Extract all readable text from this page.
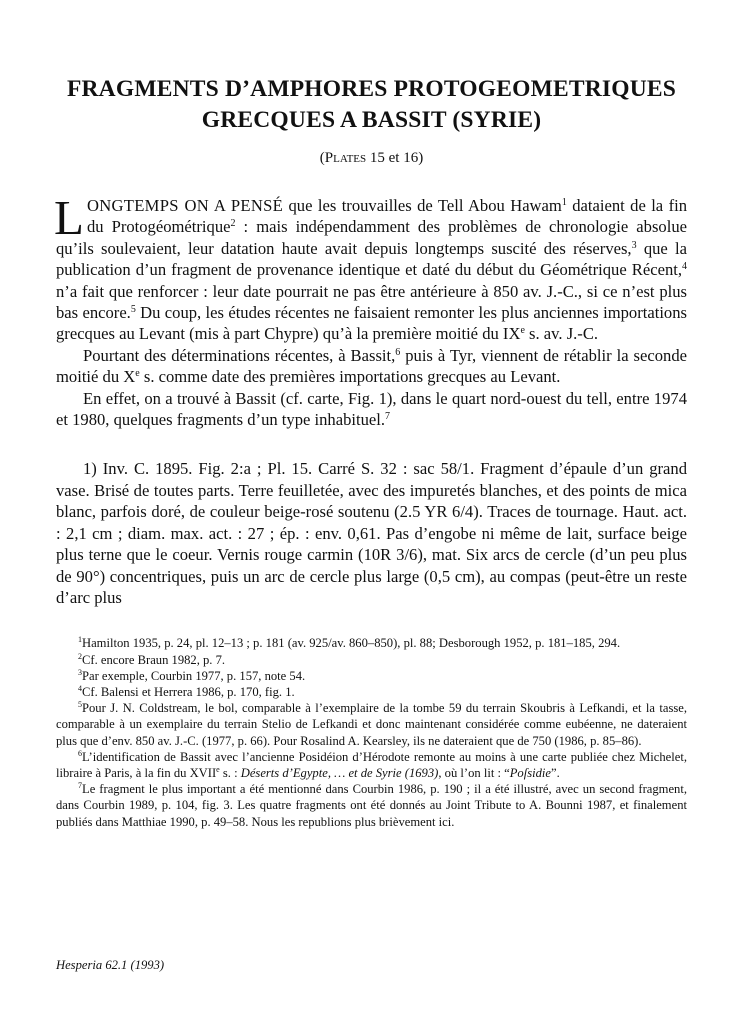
FRAGMENTS D’AMPHORES PROTOGEOMETRIQUES
GRECQUES A BASSIT (SYRIE)
(Plates 15 et 16)

LONGTEMPS ON A PENSÉ que les trouvailles de Tell Abou Hawam$^1$ dataient de la fin du Protogéométrique$^2$ : mais indépendamment des problèmes de chronologie absolue qu’ils soulevaient, leur datation haute avait depuis longtemps suscité des réserves,$^3$ que la publication d’un fragment de provenance identique et daté du début du Géométrique Récent,$^4$ n’a fait que renforcer : leur date pourrait ne pas être antérieure à 850 av. J.-C., si ce n’est plus bas encore.$^5$ Du coup, les études récentes ne faisaient remonter les plus anciennes importations grecques au Levant (mis à part Chypre) qu’à la première moitié du IXe s. av. J.-C.

Pourtant des déterminations récentes, à Bassit,$^6$ puis à Tyr, viennent de rétablir la seconde moitié du Xe s. comme date des premières importations grecques au Levant.

En effet, on a trouvé à Bassit (cf. carte, Fig. 1), dans le quart nord-ouest du tell, entre 1974 et 1980, quelques fragments d’un type inhabituel.$^7$

1) Inv. C. 1895. Fig. 2:a ; Pl. 15. Carré S. 32 : sac 58/1. Fragment d’épaule d’un grand vase. Brisé de toutes parts. Terre feuilletée, avec des impuretés blanches, et des points de mica blanc, parfois doré, de couleur beige-rosé soutenu (2.5 YR 6/4). Traces de tournage. Haut. act. : 2,1 cm ; diam. max. act. : 27 ; ép. : env. 0,61. Pas d’engobe ni même de lait, surface beige plus terne que le coeur. Vernis rouge carmin (10R 3/6), mat. Six arcs de cercle (d’un peu plus de 90°) concentriques, puis un arc de cercle plus large (0,5 cm), au compas (peut-être un reste d’arc plus

$^1$Hamilton 1935, p. 24, pl. 12–13 ; p. 181 (av. 925/av. 860–850), pl. 88; Desborough 1952, p. 181–185, 294.

$^2$Cf. encore Braun 1982, p. 7.

$^3$Par exemple, Courbin 1977, p. 157, note 54.

$^4$Cf. Balensi et Herrera 1986, p. 170, fig. 1.

$^5$Pour J. N. Coldstream, le bol, comparable à l’exemplaire de la tombe 59 du terrain Skoubris à Lefkandi, et la tasse, comparable à un exemplaire du terrain Stelio de Lefkandi et donc maintenant considérée comme eubéenne, ne dateraient plus que d’env. 850 av. J.-C. (1977, p. 66). Pour Rosalind A. Kearsley, ils ne dateraient que de 750 (1986, p. 85–86).

$^6$L’identification de Bassit avec l’ancienne Posidéion d’Hérodote remonte au moins à une carte publiée chez Michelet, libraire à Paris, à la fin du XVIIe s. : Déserts d’Egypte, … et de Syrie (1693), où l’on lit : “Poſsidie”.

$^7$Le fragment le plus important a été mentionné dans Courbin 1986, p. 190 ; il a été illustré, avec un second fragment, dans Courbin 1989, p. 104, fig. 3. Les quatre fragments ont été donnés au Joint Tribute to A. Bounni 1987, et finalement publiés dans Matthiae 1990, p. 49–58. Nous les republions plus brièvement ici.

Hesperia 62.1 (1993)
